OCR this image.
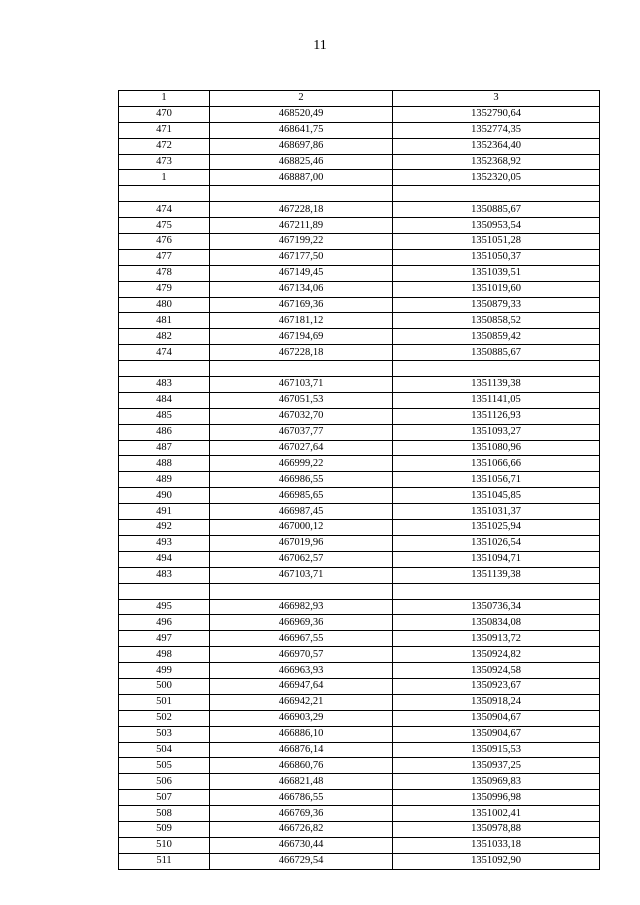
11
1	2	3
470	468520,49	1352790,64
471	468641,75	1352774,35
472	468697,86	1352364,40
473	468825,46	1352368,92
1	468887,00	1352320,05

474	467228,18	1350885,67
475	467211,89	1350953,54
476	467199,22	1351051,28
477	467177,50	1351050,37
478	467149,45	1351039,51
479	467134,06	1351019,60
480	467169,36	1350879,33
481	467181,12	1350858,52
482	467194,69	1350859,42
474	467228,18	1350885,67

483	467103,71	1351139,38
484	467051,53	1351141,05
485	467032,70	1351126,93
486	467037,77	1351093,27
487	467027,64	1351080,96
488	466999,22	1351066,66
489	466986,55	1351056,71
490	466985,65	1351045,85
491	466987,45	1351031,37
492	467000,12	1351025,94
493	467019,96	1351026,54
494	467062,57	1351094,71
483	467103,71	1351139,38

495	466982,93	1350736,34
496	466969,36	1350834,08
497	466967,55	1350913,72
498	466970,57	1350924,82
499	466963,93	1350924,58
500	466947,64	1350923,67
501	466942,21	1350918,24
502	466903,29	1350904,67
503	466886,10	1350904,67
504	466876,14	1350915,53
505	466860,76	1350937,25
506	466821,48	1350969,83
507	466786,55	1350996,98
508	466769,36	1351002,41
509	466726,82	1350978,88
510	466730,44	1351033,18
511	466729,54	1351092,90
